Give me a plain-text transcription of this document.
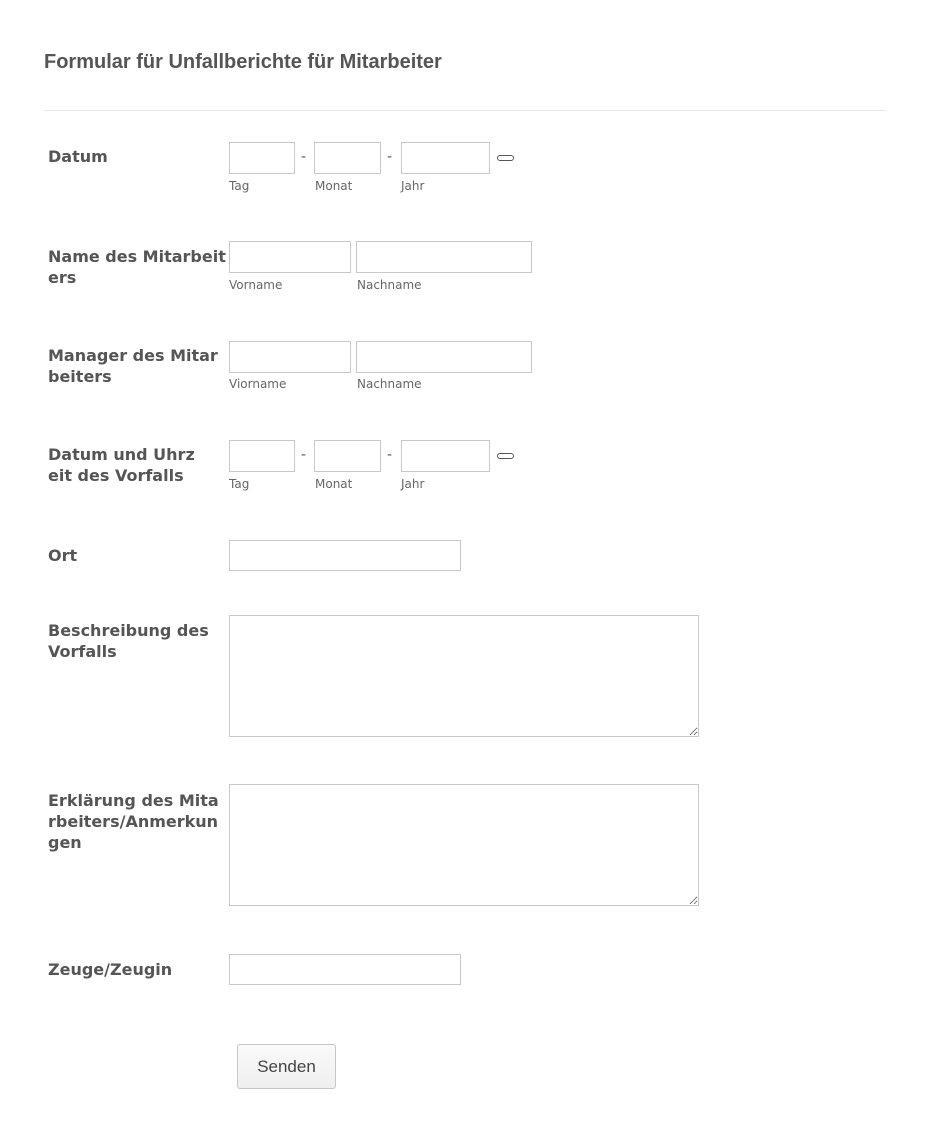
Formular für Unfallberichte für Mitarbeiter
Datum	-	-
Tag	Monat	Jahr
Name des Mitarbeiters	Vorname	Nachname
Manager des Mitarbeiters	Viorname	Nachname
Datum und Uhrzeit des Vorfalls
-	-
Tag	Monat	Jahr
Ort
Beschreibung des Vorfalls
Erklärung des Mitarbeiters/Anmerkungen
Zeuge/Zeugin
Senden
